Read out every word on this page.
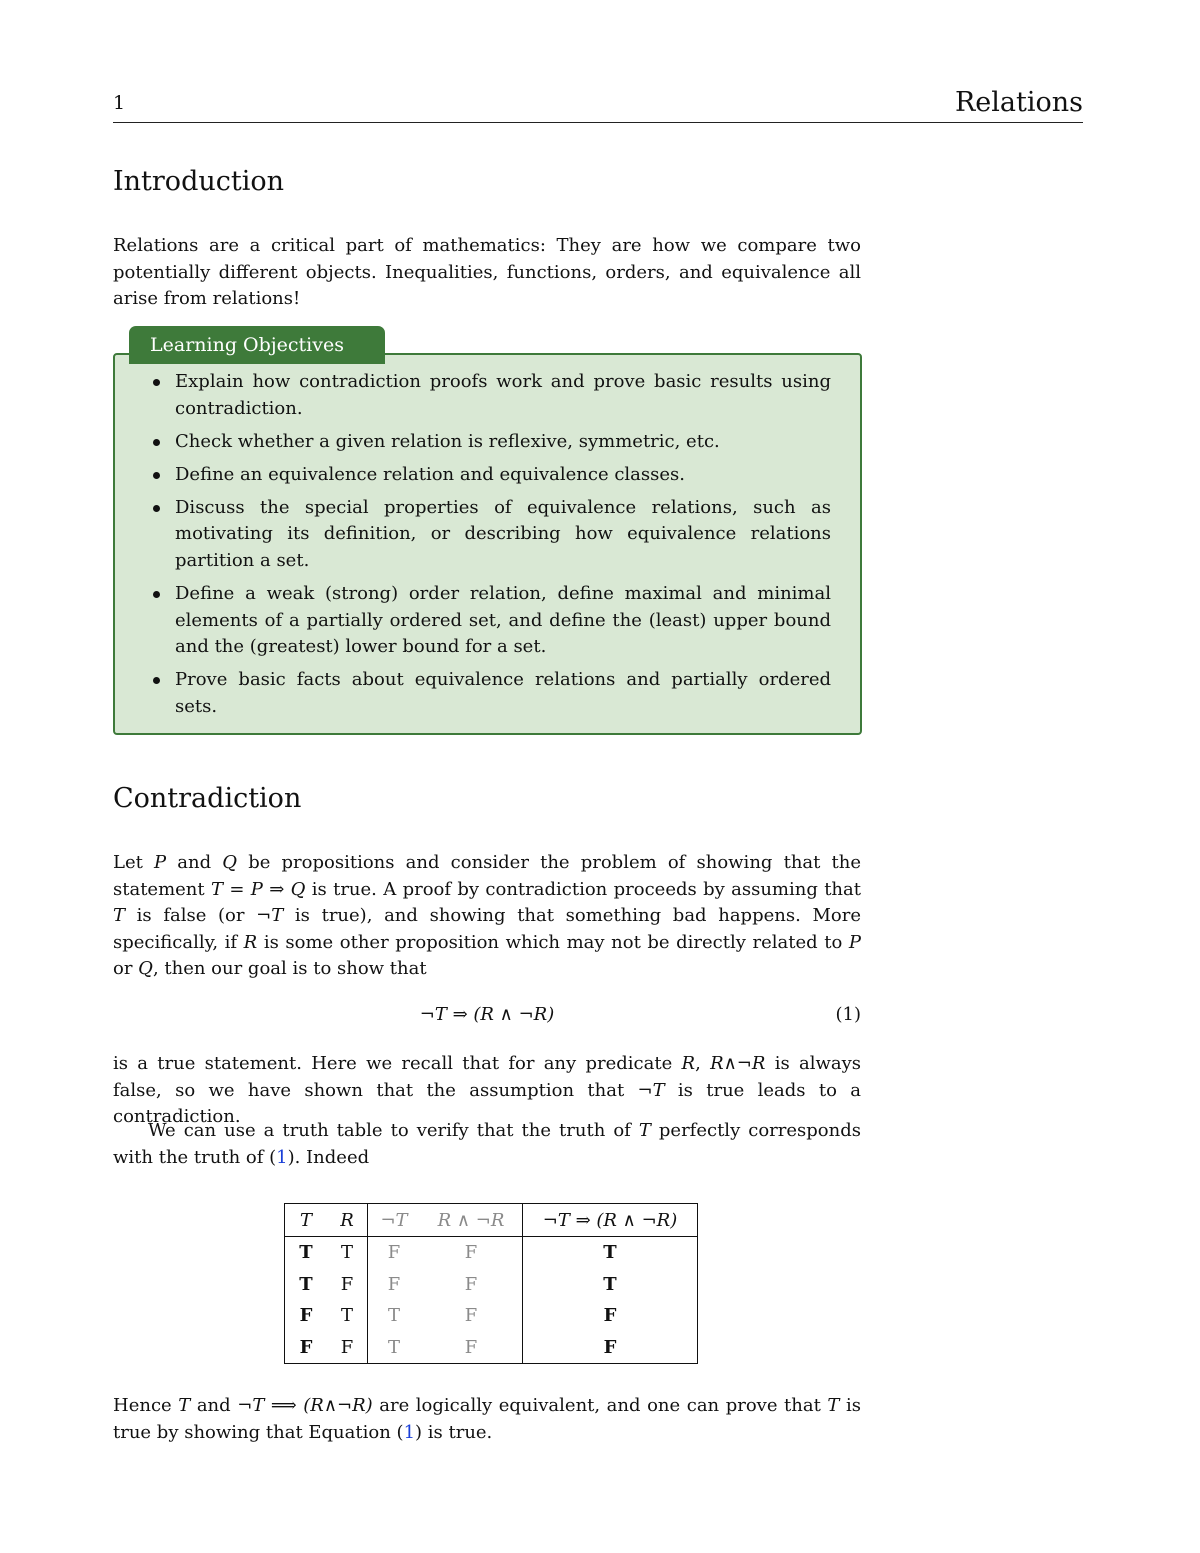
1	Relations
Introduction

Relations are a critical part of mathematics: They are how we compare two potentially different objects. Inequalities, functions, orders, and equivalence all arise from relations!

Explain how contradiction proofs work and prove basic results using contradiction.
Check whether a given relation is reflexive, symmetric, etc.
Define an equivalence relation and equivalence classes.
Discuss the special properties of equivalence relations, such as motivating its definition, or describing how equivalence relations partition a set.
Define a weak (strong) order relation, define maximal and minimal elements of a partially ordered set, and define the (least) upper bound and the (greatest) lower bound for a set.
Prove basic facts about equivalence relations and partially ordered sets.
Learning Objectives
Contradiction

Let P and Q be propositions and consider the problem of showing that the statement T = P ⇒ Q is true. A proof by contradiction proceeds by assuming that T is false (or ¬T is true), and showing that something bad happens. More specifically, if R is some other proposition which may not be directly related to P or Q, then our goal is to show that

¬T ⇒ (R ∧ ¬R)	(1)

is a true statement. Here we recall that for any predicate R, R∧¬R is always false, so we have shown that the assumption that ¬T is true leads to a contradiction.

We can use a truth table to verify that the truth of T perfectly corresponds with the truth of (1). Indeed

T	R	¬T	R ∧ ¬R	¬T ⇒ (R ∧ ¬R)
T	T	F	F	T
T	F	F	F	T
F	T	T	F	F
F	F	T	F	F

Hence T and ¬T ⟹ (R∧¬R) are logically equivalent, and one can prove that T is true by showing that Equation (1) is true.
